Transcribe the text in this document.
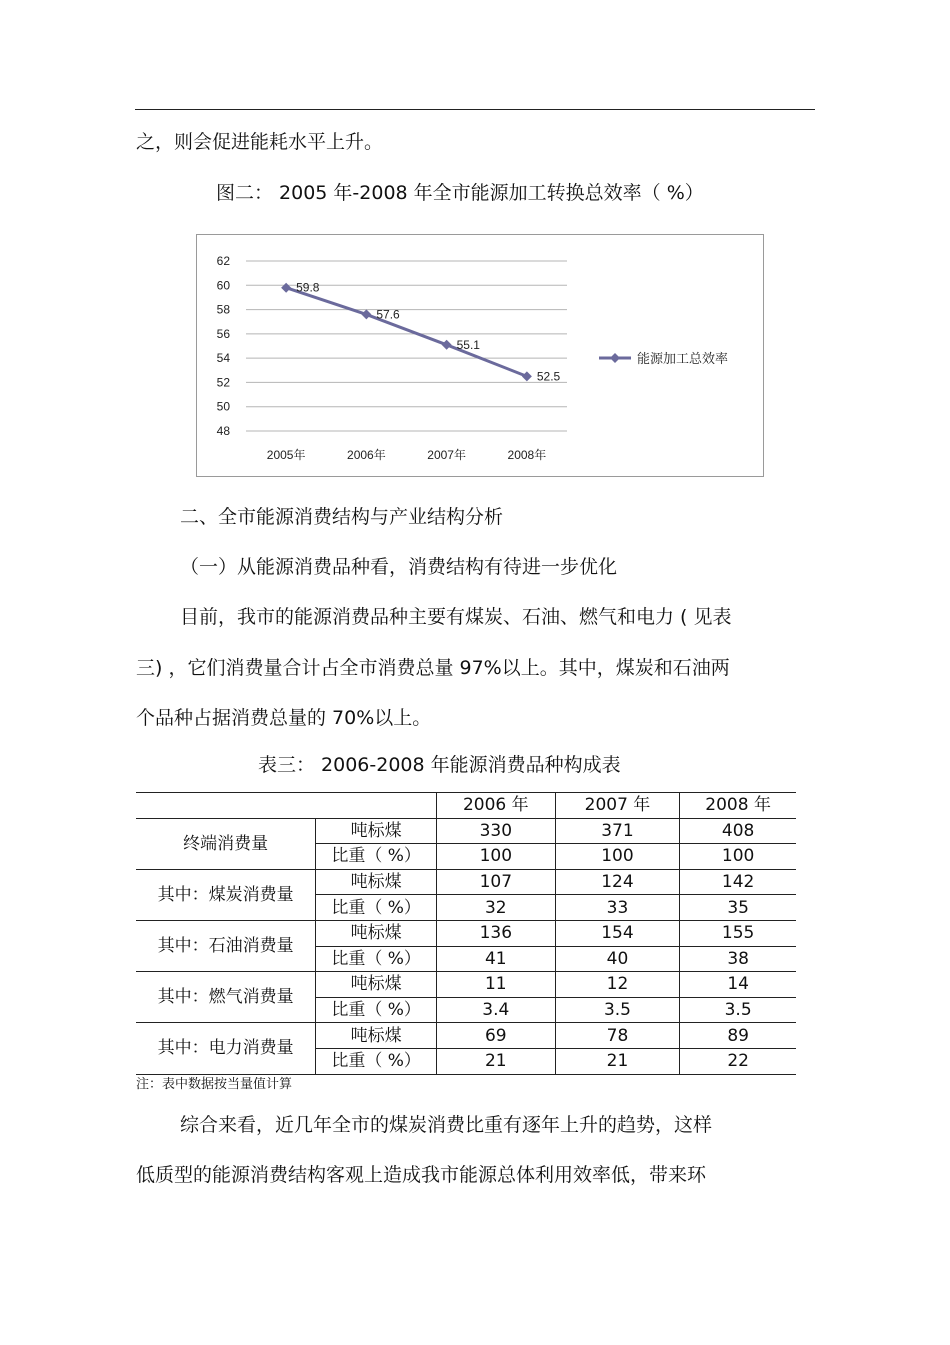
之，则会促进能耗水平上升。
图二： 2005 年-2008 年全市能源加工转换总效率（ %）
48
50
52
54
56
58
60
62
2005年	2006年	2007年	2008年
59.8
57.6
55.1
52.5
能源加工总效率
二、全市能源消费结构与产业结构分析
（一）从能源消费品种看，消费结构有待进一步优化
目前，我市的能源消费品种主要有煤炭、石油、燃气和电力 ( 见表
三) ，它们消费量合计占全市消费总量 97%以上。其中，煤炭和石油两
个品种占据消费总量的 70%以上。
表三： 2006-2008 年能源消费品种构成表
		2006 年	2007 年	2008 年
终端消费量	吨标煤	330	371	408
	比重（ %）	100	100	100
其中：煤炭消费量	吨标煤	107	124	142
	比重（ %）	32	33	35
其中：石油消费量	吨标煤	136	154	155
	比重（ %）	41	40	38
其中：燃气消费量	吨标煤	11	12	14
	比重（ %）	3.4	3.5	3.5
其中：电力消费量	吨标煤	69	78	89
	比重（ %）	21	21	22
注：表中数据按当量值计算
综合来看，近几年全市的煤炭消费比重有逐年上升的趋势，这样
低质型的能源消费结构客观上造成我市能源总体利用效率低，带来环
